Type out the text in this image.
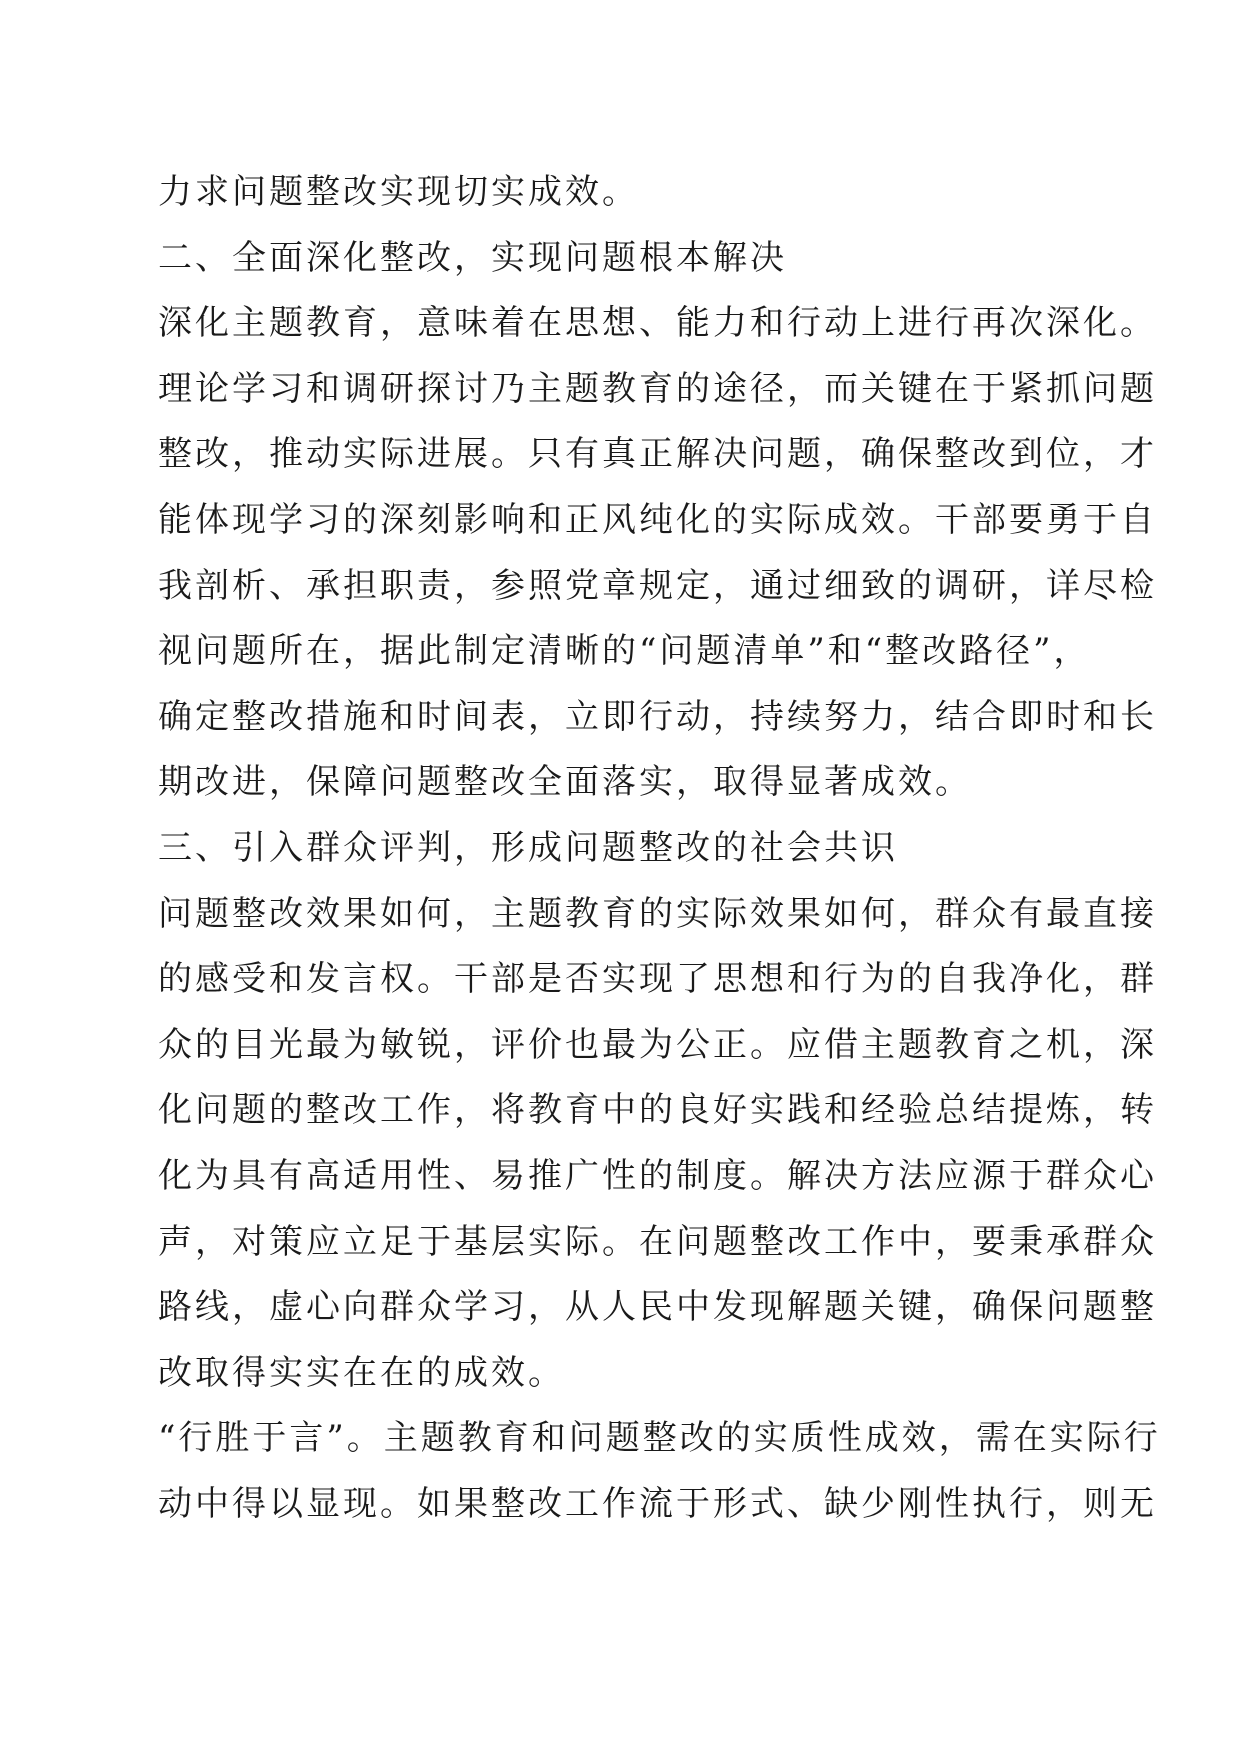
力求问题整改实现切实成效。
二、全面深化整改，实现问题根本解决
深化主题教育，意味着在思想、能力和行动上进行再次深化。
理论学习和调研探讨乃主题教育的途径，而关键在于紧抓问题
整改，推动实际进展。只有真正解决问题，确保整改到位，才
能体现学习的深刻影响和正风纯化的实际成效。干部要勇于自
我剖析、承担职责，参照党章规定，通过细致的调研，详尽检
视问题所在，据此制定清晰的“问题清单”和“整改路径”，
确定整改措施和时间表，立即行动，持续努力，结合即时和长
期改进，保障问题整改全面落实，取得显著成效。
三、引入群众评判，形成问题整改的社会共识
问题整改效果如何，主题教育的实际效果如何，群众有最直接
的感受和发言权。干部是否实现了思想和行为的自我净化，群
众的目光最为敏锐，评价也最为公正。应借主题教育之机，深
化问题的整改工作，将教育中的良好实践和经验总结提炼，转
化为具有高适用性、易推广性的制度。解决方法应源于群众心
声，对策应立足于基层实际。在问题整改工作中，要秉承群众
路线，虚心向群众学习，从人民中发现解题关键，确保问题整
改取得实实在在的成效。
“行胜于言”。主题教育和问题整改的实质性成效，需在实际行
动中得以显现。如果整改工作流于形式、缺少刚性执行，则无
